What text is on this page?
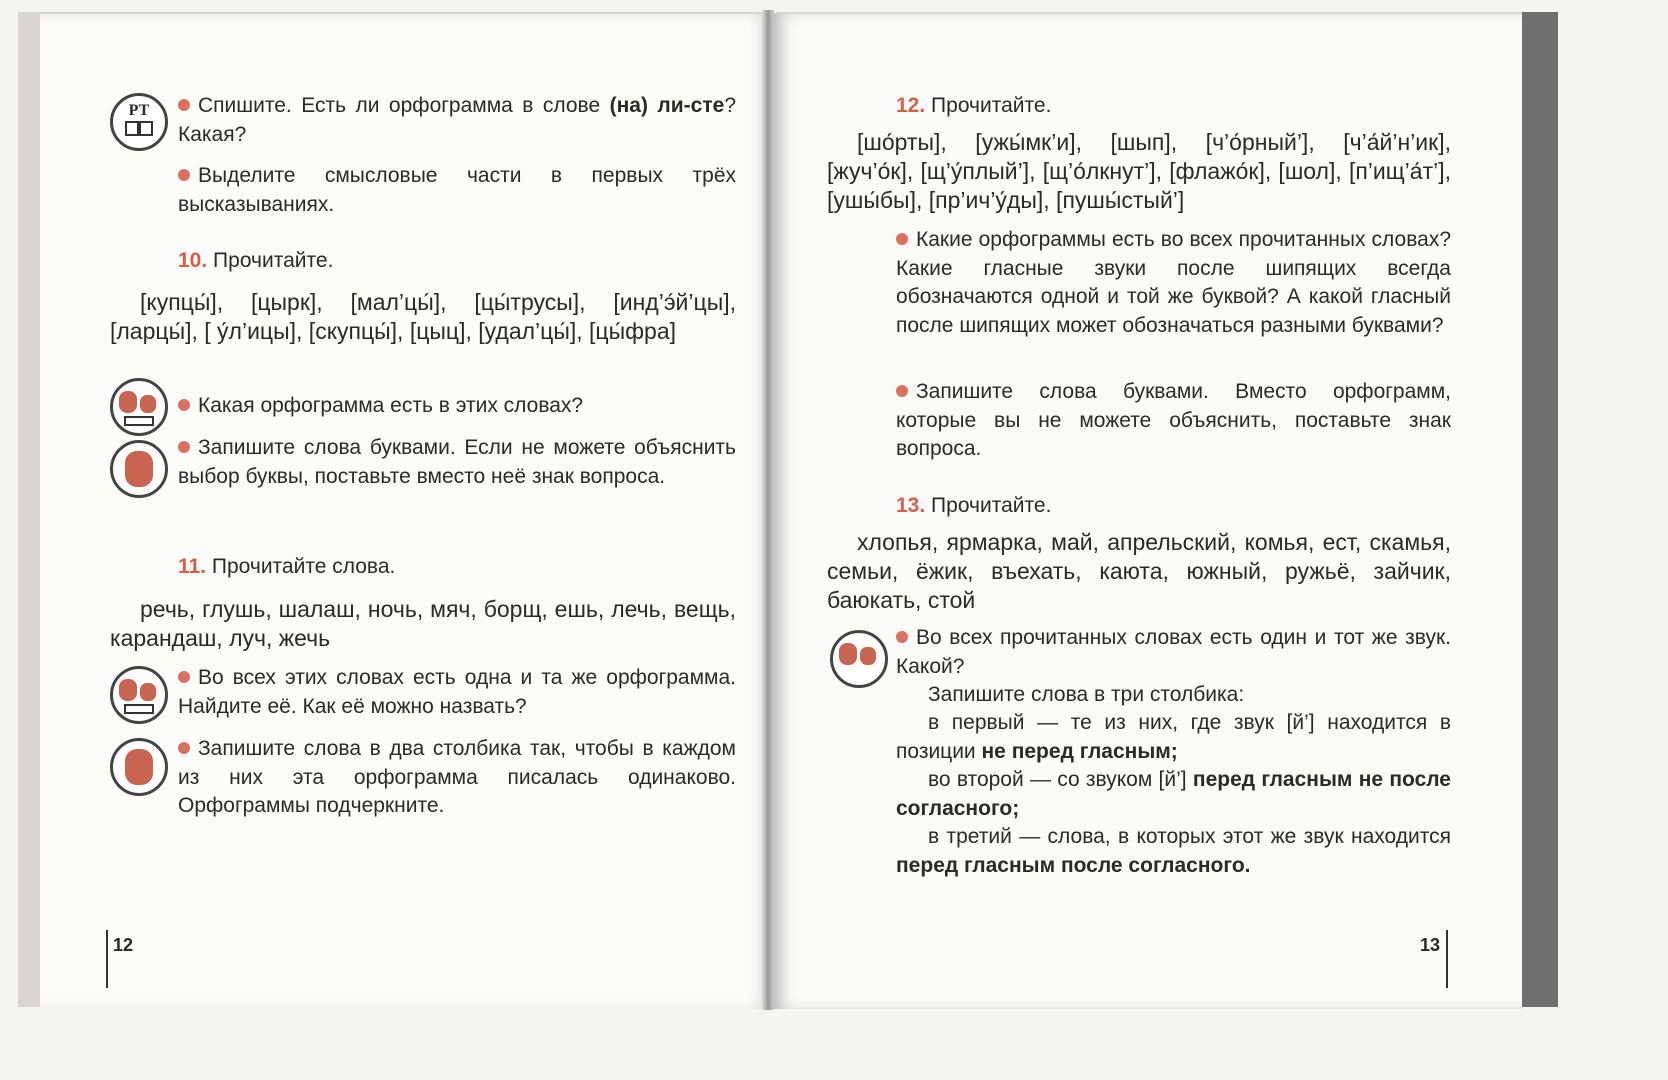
РТ	Спишите. Есть ли орфограмма в слове (на) ли-сте? Какая?
Выделите смысловые части в первых трёх высказываниях.
10. Прочитайте.
[купцы́], [цырк], [мал’цы́], [цы́трусы], [инд’э́й’цы], [ларцы́], [ у́л’ицы], [скупцы́], [цыц], [удал’цы́], [цы́фра]
Какая орфограмма есть в этих словах?
Запишите слова буквами. Если не можете объяснить выбор буквы, поставьте вместо неё знак вопроса.
11. Прочитайте слова.
речь, глушь, шалаш, ночь, мяч, борщ, ешь, лечь, вещь, карандаш, луч, жечь
Во всех этих словах есть одна и та же орфограмма. Найдите её. Как её можно назвать?
Запишите слова в два столбика так, чтобы в каждом из них эта орфограмма писалась одинаково. Орфограммы подчеркните.
12
12. Прочитайте.
[шо́рты], [ужы́мк’и], [шып], [ч’о́рный’], [ч’а́й’н’ик], [жуч’о́к], [щ’у́плый’], [щ’о́лкнут’], [флажо́к], [шол], [п’ищ’а́т’], [ушы́бы], [пр’ич’у́ды], [пушы́стый’]
Какие орфограммы есть во всех прочитанных словах? Какие гласные звуки после шипящих всегда обозначаются одной и той же буквой? А какой гласный после шипящих может обозначаться разными буквами?
Запишите слова буквами. Вместо орфограмм, которые вы не можете объяснить, поставьте знак вопроса.
13. Прочитайте.
хлопья, ярмарка, май, апрельский, комья, ест, скамья, семьи, ёжик, въехать, каюта, южный, ружьё, зайчик, баюкать, стой
Во всех прочитанных словах есть один и тот же звук. Какой?
Запишите слова в три столбика:
в первый — те из них, где звук [й’] находится в позиции не перед гласным;
во второй — со звуком [й’] перед гласным не после согласного;
в третий — слова, в которых этот же звук находится перед гласным после согласного.
13
